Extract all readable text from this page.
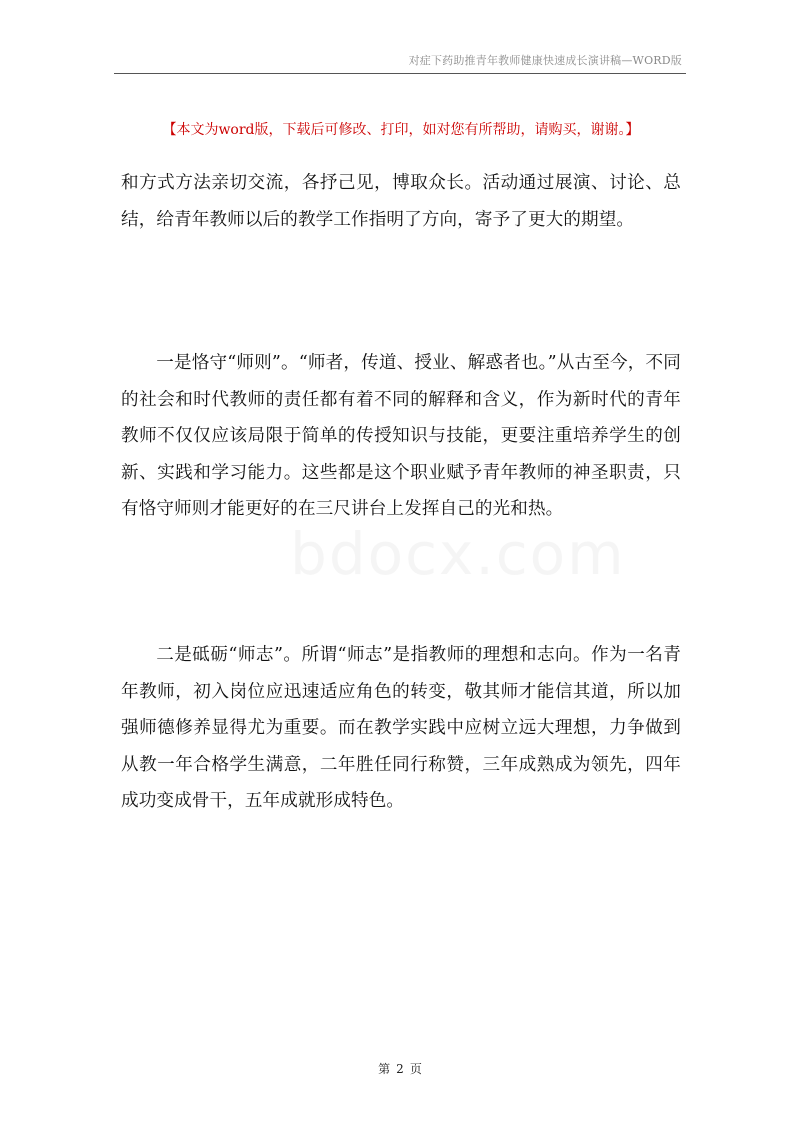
对症下药助推青年教师健康快速成长演讲稿—WORD版
【本文为word版，下载后可修改、打印，如对您有所帮助，请购买，谢谢。】

和方式方法亲切交流，各抒己见，博取众长。活动通过展演、讨论、总结，给青年教师以后的教学工作指明了方向，寄予了更大的期望。

一是恪守“师则”。“师者，传道、授业、解惑者也。”从古至今，不同的社会和时代教师的责任都有着不同的解释和含义，作为新时代的青年教师不仅仅应该局限于简单的传授知识与技能，更要注重培养学生的创新、实践和学习能力。这些都是这个职业赋予青年教师的神圣职责，只有恪守师则才能更好的在三尺讲台上发挥自己的光和热。

二是砥砺“师志”。所谓“师志”是指教师的理想和志向。作为一名青年教师，初入岗位应迅速适应角色的转变，敬其师才能信其道，所以加强师德修养显得尤为重要。而在教学实践中应树立远大理想，力争做到从教一年合格学生满意，二年胜任同行称赞，三年成熟成为领先，四年成功变成骨干，五年成就形成特色。

bdocx.com
第 2 页
